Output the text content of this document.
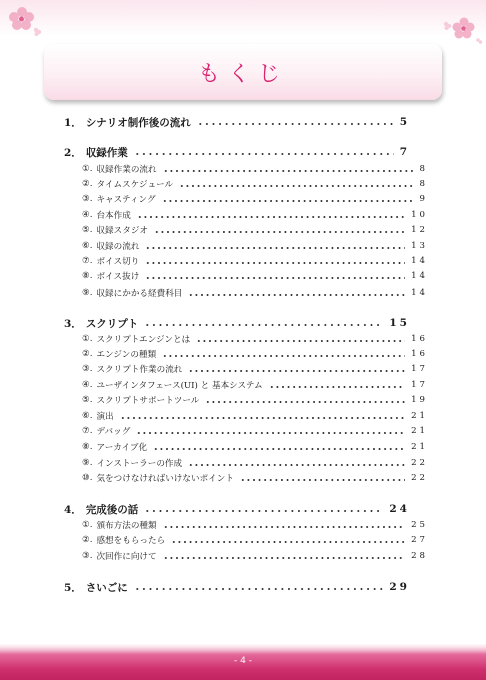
もくじ
1． シナリオ制作後の流れ	5
2． 収録作業	7
①. 収録作業の流れ	8
②. タイムスケジュール	8
③. キャスティング	9
④. 台本作成	10
⑤. 収録スタジオ	12
⑥. 収録の流れ	13
⑦. ボイス切り	14
⑧. ボイス抜け	14
⑨. 収録にかかる経費科目	14
3． スクリプト	15
①. スクリプトエンジンとは	16
②. エンジンの種類	16
③. スクリプト作業の流れ	17
④. ユーザインタフェース(UI) と 基本システム	17
⑤. スクリプトサポートツール	19
⑥. 演出	21
⑦. デバッグ	21
⑧. アーカイブ化	21
⑨. インストーラーの作成	22
⑩. 気をつけなければいけないポイント	22
4． 完成後の話	24
①. 頒布方法の種類	25
②. 感想をもらったら	27
③. 次回作に向けて	28
5． さいごに	29
- 4 -
